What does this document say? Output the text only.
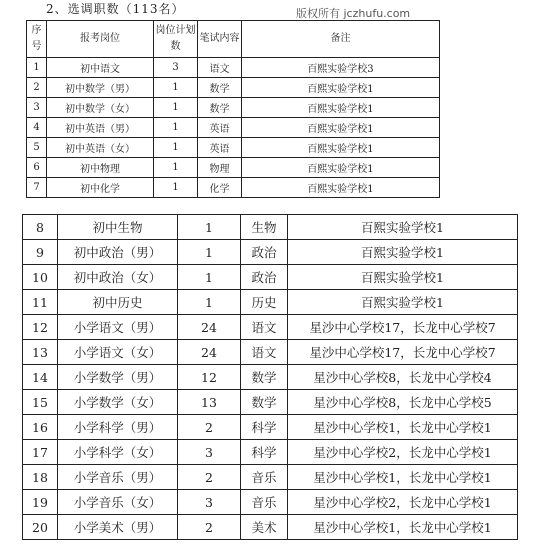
2、选调职数（113名）	版权所有 jczhufu.com
序号	报考岗位	岗位计划数	笔试内容	备注
1	初中语文	3	语文	百熙实验学校3
2	初中数学（男）	1	数学	百熙实验学校1
3	初中数学（女）	1	数学	百熙实验学校1
4	初中英语（男）	1	英语	百熙实验学校1
5	初中英语（女）	1	英语	百熙实验学校1
6	初中物理	1	物理	百熙实验学校1
7	初中化学	1	化学	百熙实验学校1
8	初中生物	1	生物	百熙实验学校1
9	初中政治（男）	1	政治	百熙实验学校1
10	初中政治（女）	1	政治	百熙实验学校1
11	初中历史	1	历史	百熙实验学校1
12	小学语文（男）	24	语文	星沙中心学校17，长龙中心学校7
13	小学语文（女）	24	语文	星沙中心学校17，长龙中心学校7
14	小学数学（男）	12	数学	星沙中心学校8，长龙中心学校4
15	小学数学（女）	13	数学	星沙中心学校8，长龙中心学校5
16	小学科学（男）	2	科学	星沙中心学校1，长龙中心学校1
17	小学科学（女）	3	科学	星沙中心学校2，长龙中心学校1
18	小学音乐（男）	2	音乐	星沙中心学校1，长龙中心学校1
19	小学音乐（女）	3	音乐	星沙中心学校2，长龙中心学校1
20	小学美术（男）	2	美术	星沙中心学校1，长龙中心学校1
